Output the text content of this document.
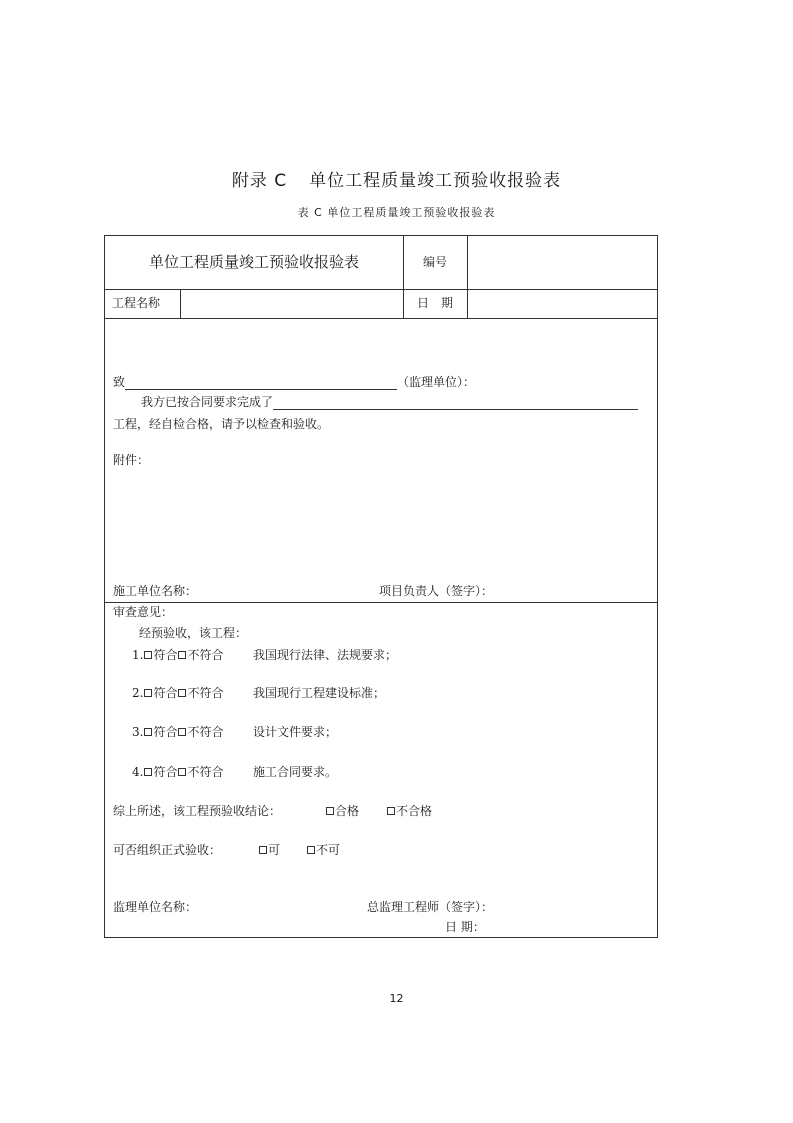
附录 C 单位工程质量竣工预验收报验表
表 C 单位工程质量竣工预验收报验表
单位工程质量竣工预验收报验表	编号
工程名称	日　期
致	（监理单位）：
我方已按合同要求完成了
工程，经自检合格，请予以检查和验收。
附件：
施工单位名称：	项目负责人（签字）：
审查意见：
经预验收，该工程：
1. 符合 不符合 我国现行法律、法规要求；
2. 符合 不符合 我国现行工程建设标准；
3. 符合 不符合 设计文件要求；
4. 符合 不符合 施工合同要求。
综上所述，该工程预验收结论：	合格	不合格
可否组织正式验收：	可	不可
监理单位名称：	总监理工程师（签字）：
日 期：
12
